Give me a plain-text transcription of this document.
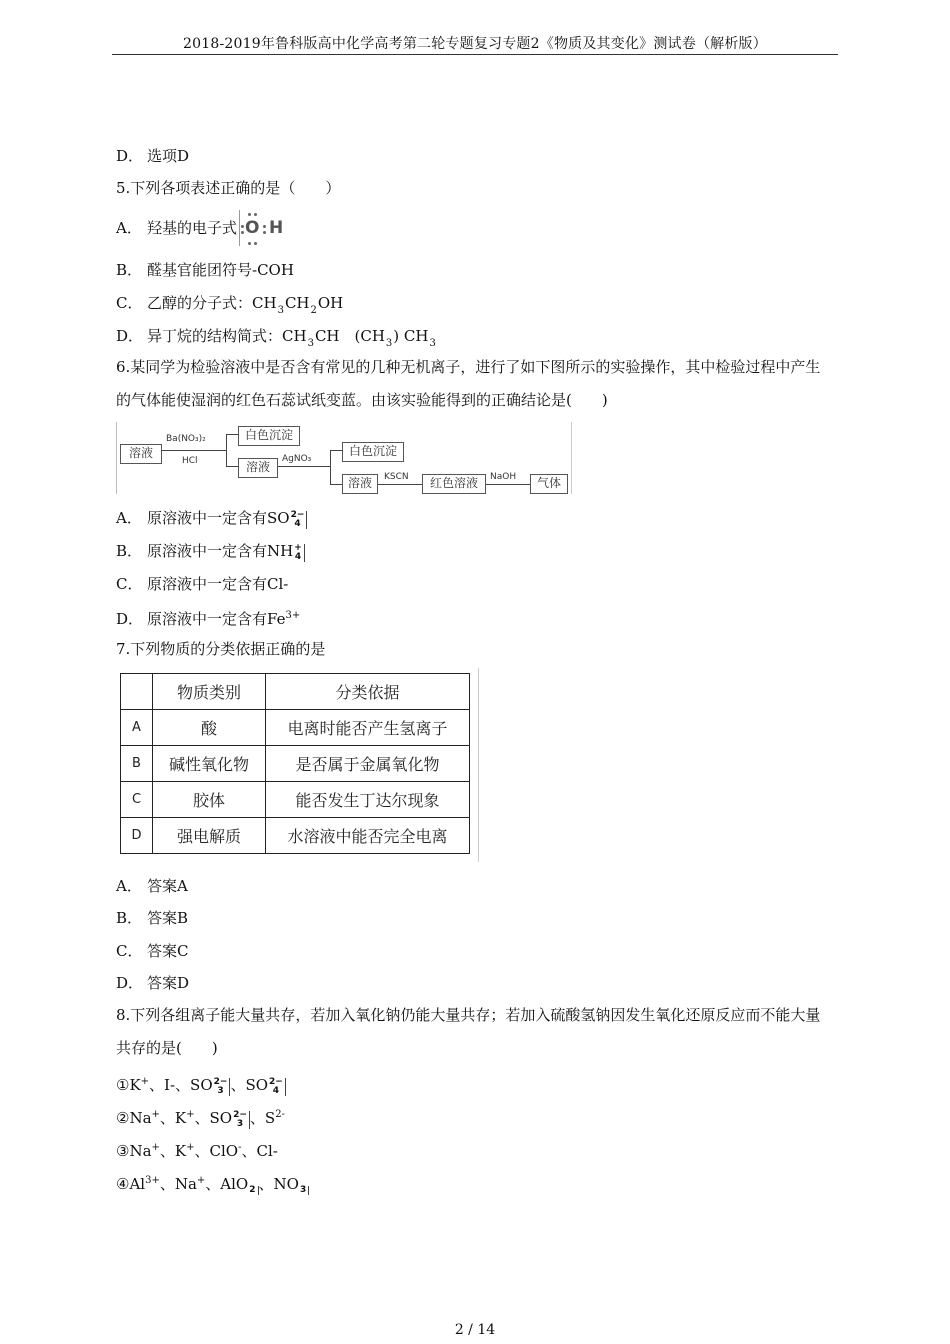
2018-2019年鲁科版高中化学高考第二轮专题复习专题2《物质及其变化》测试卷（解析版）
D． 选项D
5.下列各项表述正确的是（　　）
A． 羟基的电子式 O H
B． 醛基官能团符号-COH
C． 乙醇的分子式：$CH_3CH_2OH$
D． 异丁烷的结构简式：$CH_3CH$　$(CH_3)$ $CH_3$
6.某同学为检验溶液中是否含有常见的几种无机离子，进行了如下图所示的实验操作，其中检验过程中产生的气体能使湿润的红色石蕊试纸变蓝。由该实验能得到的正确结论是(　　)
溶液
Ba(NO₃)₂
HCl
白色沉淀
溶液
AgNO₃
白色沉淀
溶液	KSCN	红色溶液	NaOH	气体
A． 原溶液中一定含有SO 2−
4
B． 原溶液中一定含有NH +
4
C． 原溶液中一定含有Cl-
D． 原溶液中一定含有$Fe^{3+}$
7.下列物质的分类依据正确的是
	物质类别	分类依据
A	酸	电离时能否产生氢离子
B	碱性氧化物	是否属于金属氧化物
C	胶体	能否发生丁达尔现象
D	强电解质	水溶液中能否完全电离
A． 答案A
B． 答案B
C． 答案C
D． 答案D
8.下列各组离子能大量共存，若加入氧化钠仍能大量共存；若加入硫酸氢钠因发生氧化还原反应而不能大量共存的是(　　)
①K+、I-、SO 2−
3 、SO 2−
4
②Na+、K+、SO 2−
3 、$S^{2-}$
③Na+、K+、ClO-、Cl-
$④Al^{3+}$、Na+、AlO 2 、NO 3
2 / 14
